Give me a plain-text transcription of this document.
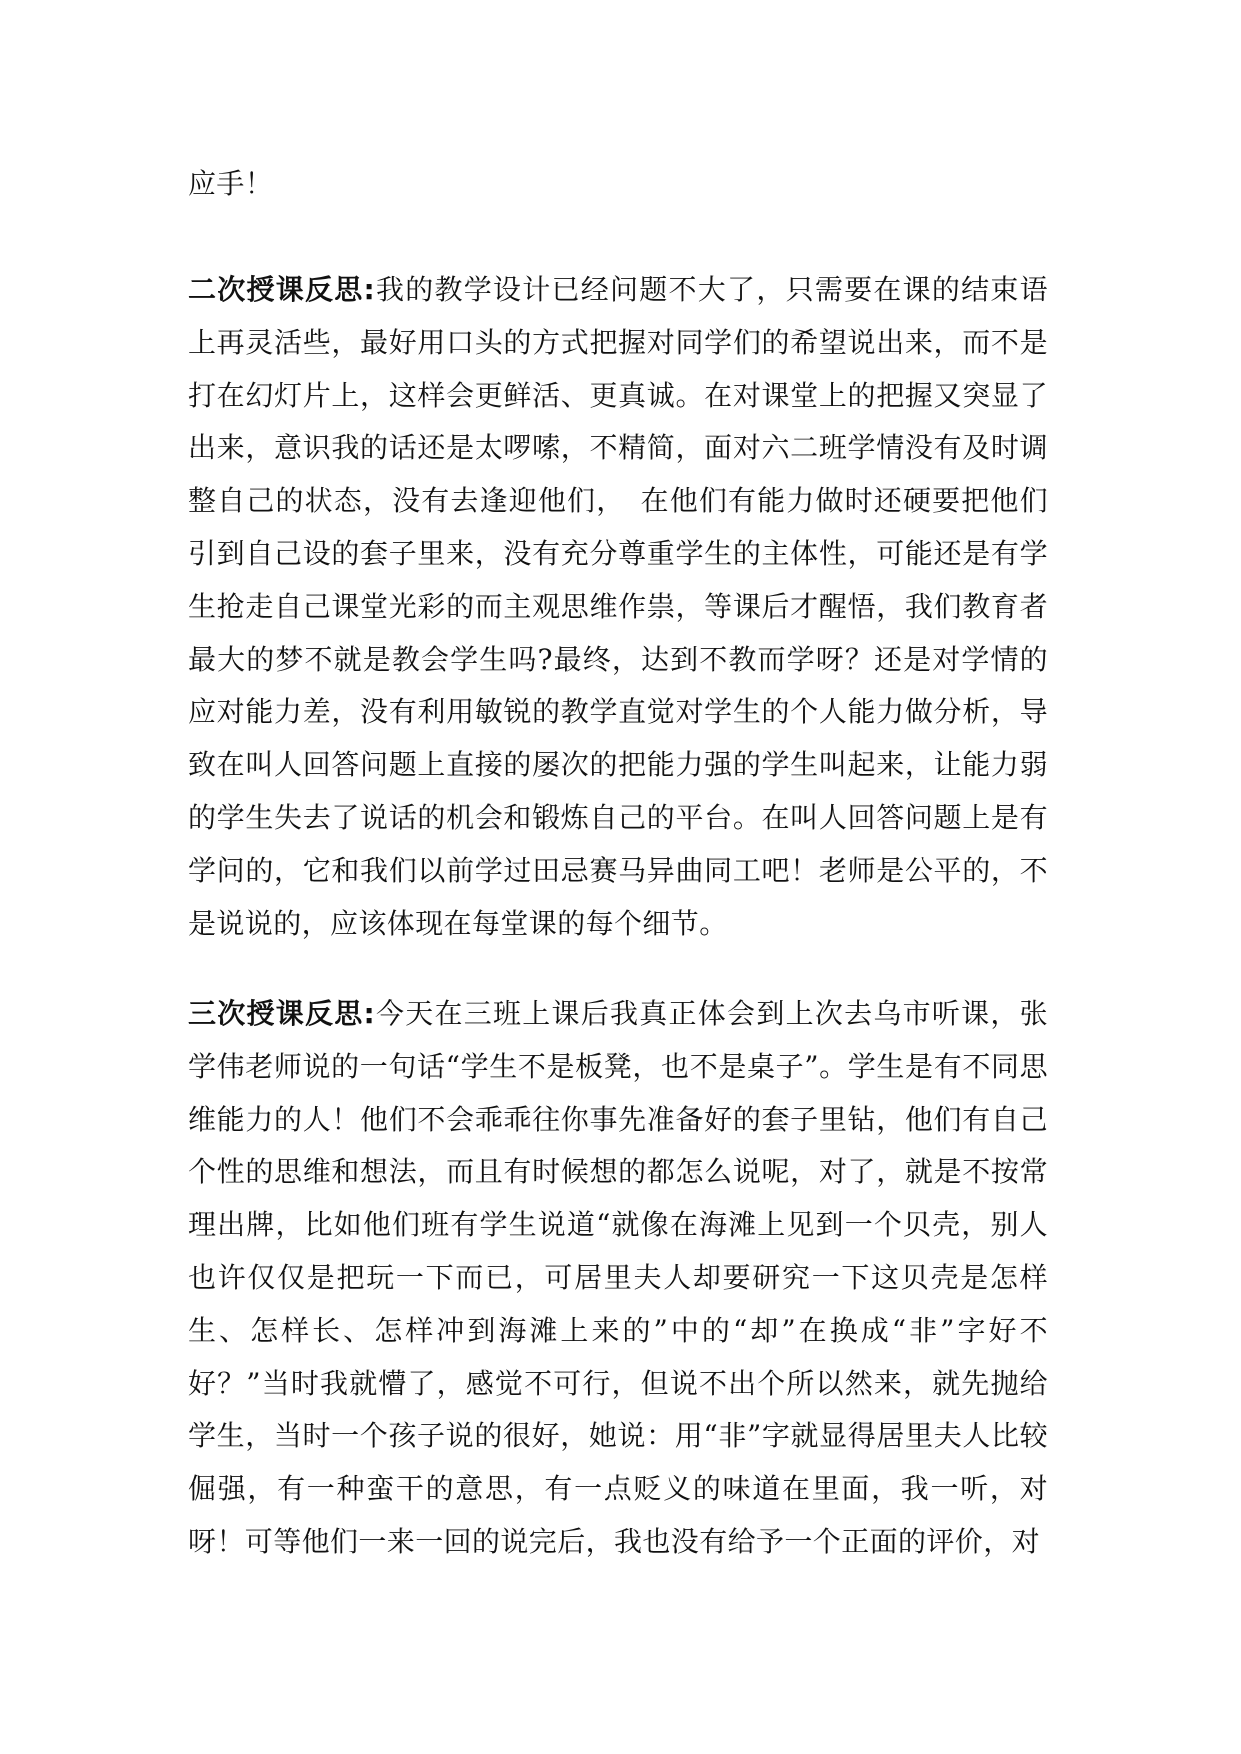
应手！

二次授课反思:我的教学设计已经问题不大了，只需要在课的结束语上再灵活些，最好用口头的方式把握对同学们的希望说出来，而不是打在幻灯片上，这样会更鲜活、更真诚。在对课堂上的把握又突显了出来，意识我的话还是太啰嗦，不精简，面对六二班学情没有及时调整自己的状态，没有去逢迎他们，　在他们有能力做时还硬要把他们引到自己设的套子里来，没有充分尊重学生的主体性，可能还是有学生抢走自己课堂光彩的而主观思维作祟，等课后才醒悟，我们教育者最大的梦不就是教会学生吗?最终，达到不教而学呀？还是对学情的应对能力差，没有利用敏锐的教学直觉对学生的个人能力做分析，导致在叫人回答问题上直接的屡次的把能力强的学生叫起来，让能力弱的学生失去了说话的机会和锻炼自己的平台。在叫人回答问题上是有学问的，它和我们以前学过田忌赛马异曲同工吧！老师是公平的，不是说说的，应该体现在每堂课的每个细节。

三次授课反思:今天在三班上课后我真正体会到上次去乌市听课，张学伟老师说的一句话“学生不是板凳，也不是桌子”。学生是有不同思维能力的人！他们不会乖乖往你事先准备好的套子里钻，他们有自己个性的思维和想法，而且有时候想的都怎么说呢，对了，就是不按常理出牌，比如他们班有学生说道“就像在海滩上见到一个贝壳，别人也许仅仅是把玩一下而已，可居里夫人却要研究一下这贝壳是怎样生、怎样长、怎样冲到海滩上来的”中的“却”在换成“非”字好不好？”当时我就懵了，感觉不可行，但说不出个所以然来，就先抛给学生，当时一个孩子说的很好，她说：用“非”字就显得居里夫人比较倔强，有一种蛮干的意思，有一点贬义的味道在里面，我一听，对呀！可等他们一来一回的说完后，我也没有给予一个正面的评价，对
